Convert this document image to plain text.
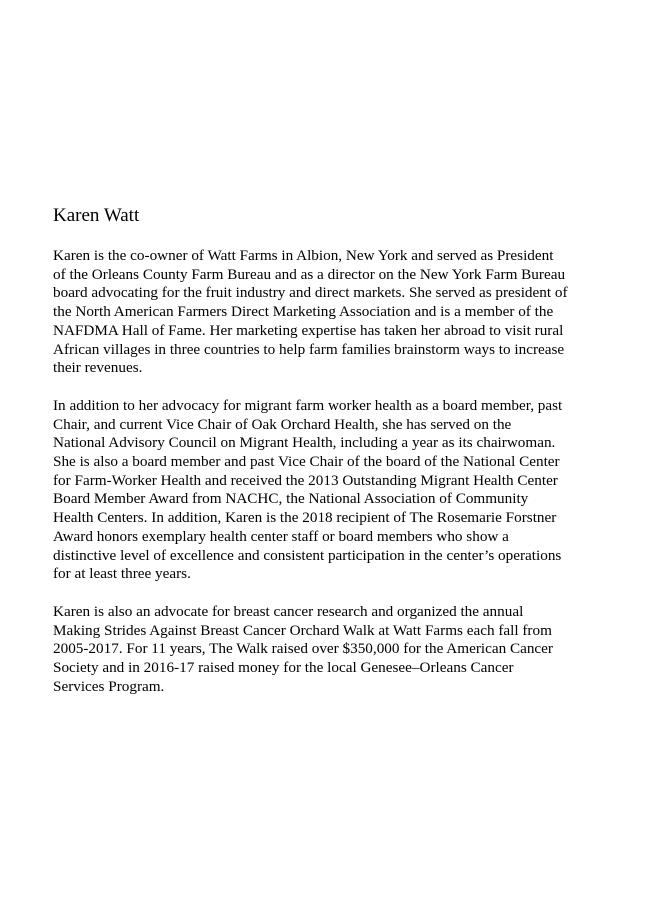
Karen Watt

Karen is the co-owner of Watt Farms in Albion, New York and served as President
of the Orleans County Farm Bureau and as a director on the New York Farm Bureau
board advocating for the fruit industry and direct markets. She served as president of
the North American Farmers Direct Marketing Association and is a member of the
NAFDMA Hall of Fame. Her marketing expertise has taken her abroad to visit rural
African villages in three countries to help farm families brainstorm ways to increase
their revenues.

In addition to her advocacy for migrant farm worker health as a board member, past
Chair, and current Vice Chair of Oak Orchard Health, she has served on the
National Advisory Council on Migrant Health, including a year as its chairwoman.
She is also a board member and past Vice Chair of the board of the National Center
for Farm-Worker Health and received the 2013 Outstanding Migrant Health Center
Board Member Award from NACHC, the National Association of Community
Health Centers. In addition, Karen is the 2018 recipient of The Rosemarie Forstner
Award honors exemplary health center staff or board members who show a
distinctive level of excellence and consistent participation in the center’s operations
for at least three years.

Karen is also an advocate for breast cancer research and organized the annual
Making Strides Against Breast Cancer Orchard Walk at Watt Farms each fall from
2005-2017. For 11 years, The Walk raised over $350,000 for the American Cancer
Society and in 2016-17 raised money for the local Genesee–Orleans Cancer
Services Program.
